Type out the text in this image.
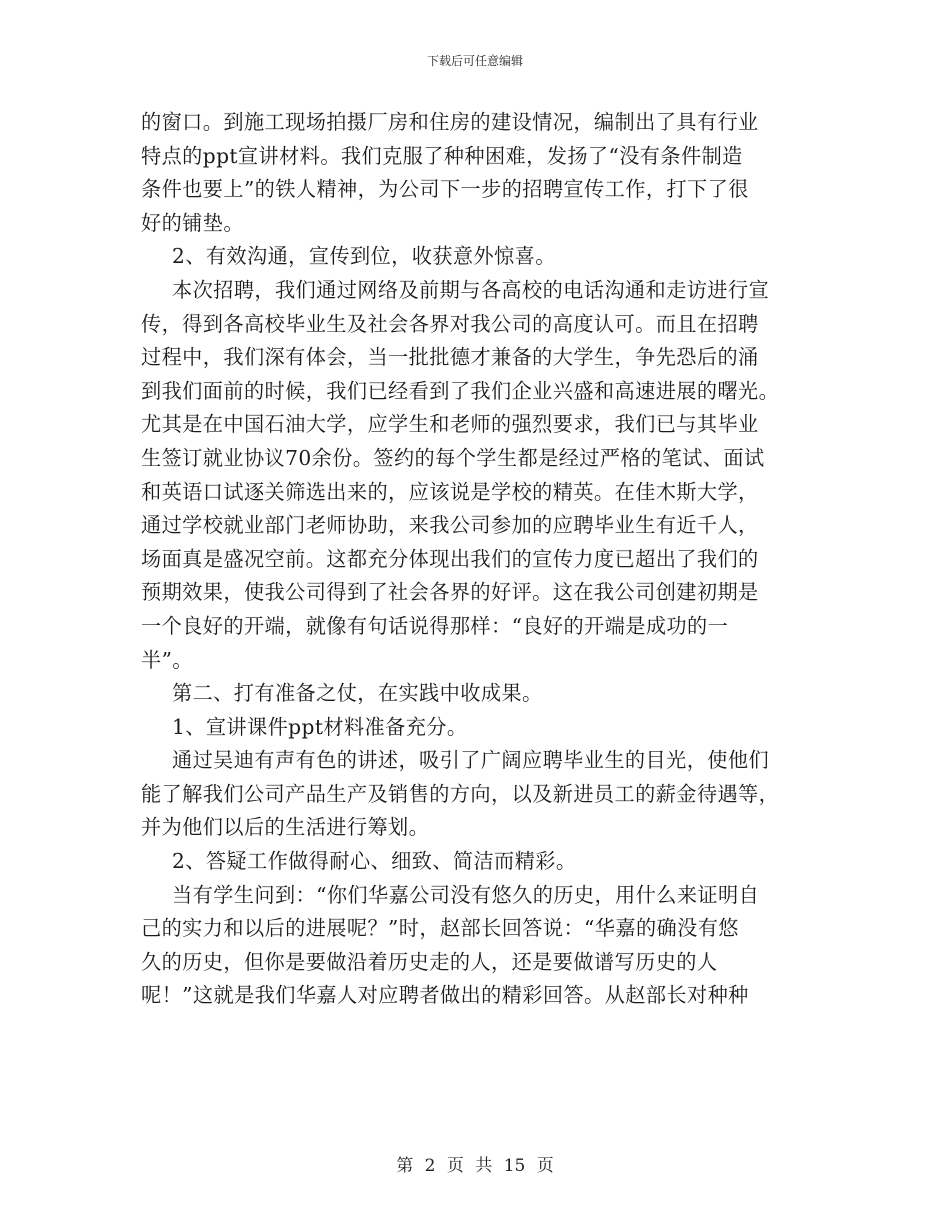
下载后可任意编辑
的窗口。到施工现场拍摄厂房和住房的建设情况，编制出了具有行业
特点的ppt宣讲材料。我们克服了种种困难，发扬了“没有条件制造
条件也要上”的铁人精神，为公司下一步的招聘宣传工作，打下了很
好的铺垫。
2、有效沟通，宣传到位，收获意外惊喜。
本次招聘，我们通过网络及前期与各高校的电话沟通和走访进行宣
传，得到各高校毕业生及社会各界对我公司的高度认可。而且在招聘
过程中，我们深有体会，当一批批德才兼备的大学生，争先恐后的涌
到我们面前的时候，我们已经看到了我们企业兴盛和高速进展的曙光。
尤其是在中国石油大学，应学生和老师的强烈要求，我们已与其毕业
生签订就业协议70余份。签约的每个学生都是经过严格的笔试、面试
和英语口试逐关筛选出来的，应该说是学校的精英。在佳木斯大学，
通过学校就业部门老师协助，来我公司参加的应聘毕业生有近千人，
场面真是盛况空前。这都充分体现出我们的宣传力度已超出了我们的
预期效果，使我公司得到了社会各界的好评。这在我公司创建初期是
一个良好的开端，就像有句话说得那样：“良好的开端是成功的一
半”。
第二、打有准备之仗，在实践中收成果。
1、宣讲课件ppt材料准备充分。
通过吴迪有声有色的讲述，吸引了广阔应聘毕业生的目光，使他们
能了解我们公司产品生产及销售的方向，以及新进员工的薪金待遇等，
并为他们以后的生活进行筹划。
2、答疑工作做得耐心、细致、简洁而精彩。
当有学生问到：“你们华嘉公司没有悠久的历史，用什么来证明自
己的实力和以后的进展呢？”时，赵部长回答说：“华嘉的确没有悠
久的历史，但你是要做沿着历史走的人，还是要做谱写历史的人
呢！”这就是我们华嘉人对应聘者做出的精彩回答。从赵部长对种种
第 2 页 共 15 页
